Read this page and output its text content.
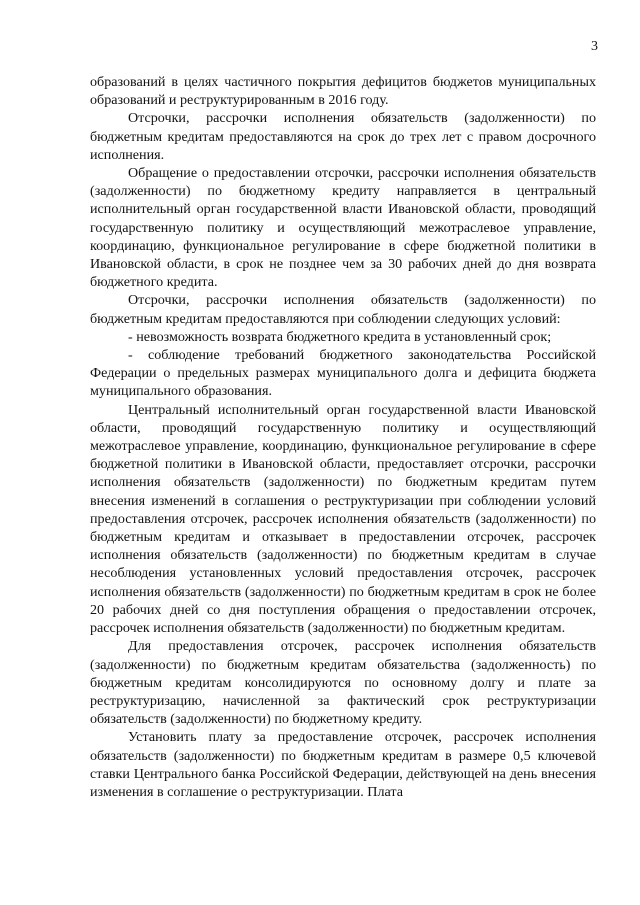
3

образований в целях частичного покрытия дефицитов бюджетов муниципальных образований и реструктурированным в 2016 году.

Отсрочки, рассрочки исполнения обязательств (задолженности) по бюджетным кредитам предоставляются на срок до трех лет с правом досрочного исполнения.

Обращение о предоставлении отсрочки, рассрочки исполнения обязательств (задолженности) по бюджетному кредиту направляется в центральный исполнительный орган государственной власти Ивановской области, проводящий государственную политику и осуществляющий межотраслевое управление, координацию, функциональное регулирование в сфере бюджетной политики в Ивановской области, в срок не позднее чем за 30 рабочих дней до дня возврата бюджетного кредита.

Отсрочки, рассрочки исполнения обязательств (задолженности) по бюджетным кредитам предоставляются при соблюдении следующих условий:

- невозможность возврата бюджетного кредита в установленный срок;

- соблюдение требований бюджетного законодательства Российской Федерации о предельных размерах муниципального долга и дефицита бюджета муниципального образования.

Центральный исполнительный орган государственной власти Ивановской области, проводящий государственную политику и осуществляющий межотраслевое управление, координацию, функциональное регулирование в сфере бюджетной политики в Ивановской области, предоставляет отсрочки, рассрочки исполнения обязательств (задолженности) по бюджетным кредитам путем внесения изменений в соглашения о реструктуризации при соблюдении условий предоставления отсрочек, рассрочек исполнения обязательств (задолженности) по бюджетным кредитам и отказывает в предоставлении отсрочек, рассрочек исполнения обязательств (задолженности) по бюджетным кредитам в случае несоблюдения установленных условий предоставления отсрочек, рассрочек исполнения обязательств (задолженности) по бюджетным кредитам в срок не более 20 рабочих дней со дня поступления обращения о предоставлении отсрочек, рассрочек исполнения обязательств (задолженности) по бюджетным кредитам.

Для предоставления отсрочек, рассрочек исполнения обязательств (задолженности) по бюджетным кредитам обязательства (задолженность) по бюджетным кредитам консолидируются по основному долгу и плате за реструктуризацию, начисленной за фактический срок реструктуризации обязательств (задолженности) по бюджетному кредиту.

Установить плату за предоставление отсрочек, рассрочек исполнения обязательств (задолженности) по бюджетным кредитам в размере 0,5 ключевой ставки Центрального банка Российской Федерации, действующей на день внесения изменения в соглашение о реструктуризации. Плата
